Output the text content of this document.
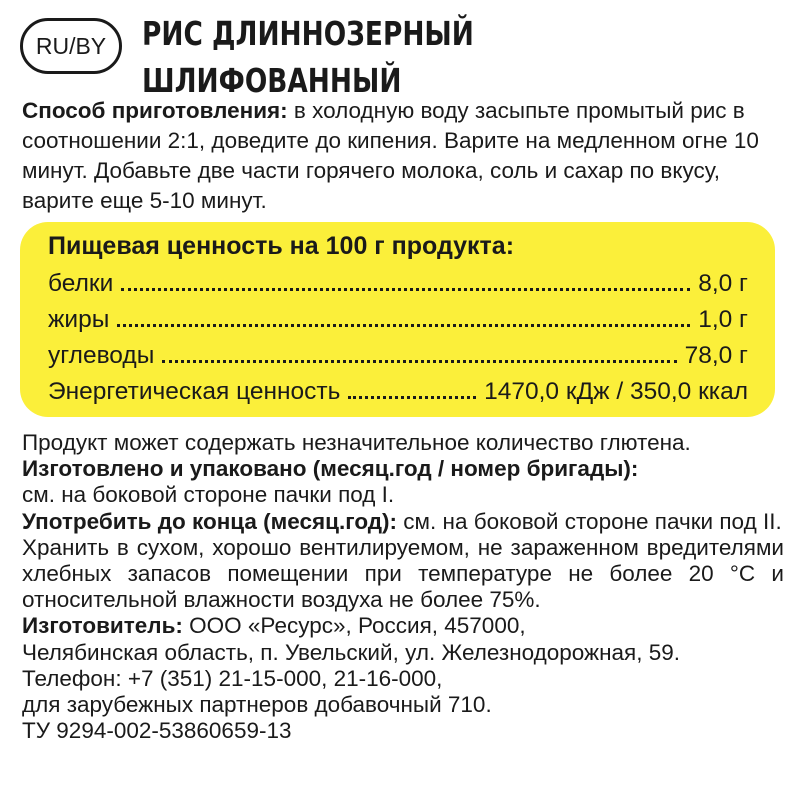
RU/BY	РИС ДЛИННОЗЕРНЫЙ
ШЛИФОВАННЫЙ
Способ приготовления: в холодную воду засыпьте промытый рис в соотношении 2:1, доведите до кипения. Варите на медленном огне 10 минут. Добавьте две части горячего молока, соль и сахар по вкусу, варите еще 5-10 минут.
Пищевая ценность на 100 г продукта:
белки	8,0 г
жиры	1,0 г
углеводы	78,0 г
Энергетическая ценность	1470,0 кДж / 350,0 ккал

Продукт может содержать незначительное количество глютена.

Изготовлено и упаковано (месяц.год / номер бригады):
см. на боковой стороне пачки под I.

Употребить до конца (месяц.год): см. на боковой стороне пачки под II.

Хранить в сухом, хорошо вентилируемом, не зараженном вредителями хлебных запасов помещении при температуре не более 20 °С и относительной влажности воздуха не более 75%.

Изготовитель: ООО «Ресурс», Россия, 457000,
Челябинская область, п. Увельский, ул. Железнодорожная, 59.
Телефон: +7 (351) 21-15-000, 21-16-000,
для зарубежных партнеров добавочный 710.

ТУ 9294-002-53860659-13
